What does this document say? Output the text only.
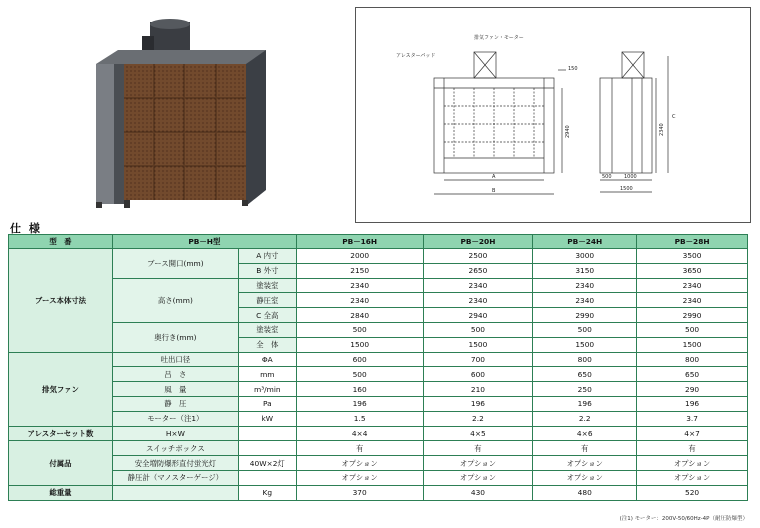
排気ファン・モーター
アレスターパッド
150
2940
A
B
2340
C
500 1000
1500
仕 様
型　番	PB－H型		PB－16H	PB－20H	PB－24H	PB－28H
ブース本体寸法	ブース開口(mm)	A 内寸	2000	2500	3000	3500
		B 外寸	2150	2650	3150	3650
	高さ(mm)	塗装室	2340	2340	2340	2340
		静圧室	2340	2340	2340	2340
		C 全高	2840	2940	2990	2990
	奥行き(mm)	塗装室	500	500	500	500
		全　体	1500	1500	1500	1500
排気ファン	吐出口径	ΦA	600	700	800	800
	吕　さ	mm	500	600	650	650
	風　量	m³/min	160	210	250	290
	静　圧	Pa	196	196	196	196
	モーター（注1）	kW	1.5	2.2	2.2	3.7
アレスターセット数	H×W		4×4	4×5	4×6	4×7
付属品	スイッチボックス		有	有	有	有
	安全増防爆形直付蛍光灯	40W×2灯	オプション	オプション	オプション	オプション
	静圧計（マノスターゲージ）		オプション	オプション	オプション	オプション
総重量		Kg	370	430	480	520
(注1) モーター：200V-50/60Hz-4P（耐圧防爆型）
